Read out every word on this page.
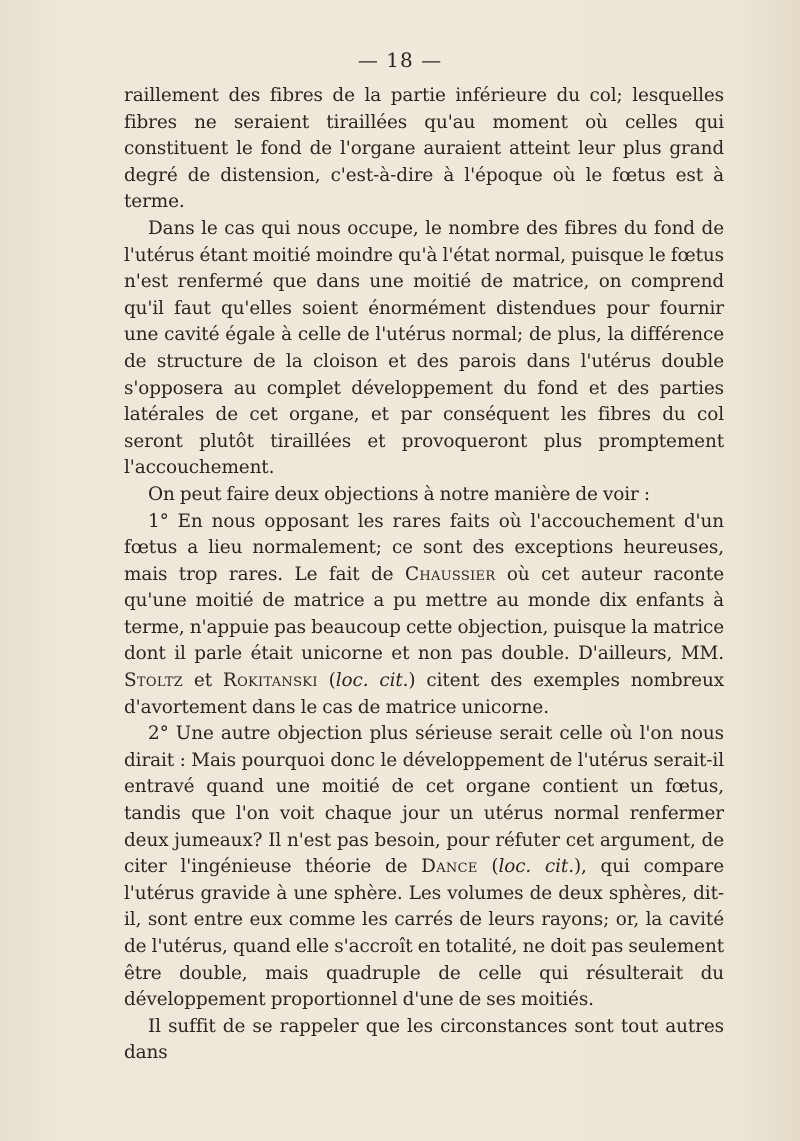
— 18 —

raillement des fibres de la partie inférieure du col; lesquelles fibres ne seraient tiraillées qu'au moment où celles qui constituent le fond de l'organe auraient atteint leur plus grand degré de distension, c'est-à-dire à l'époque où le fœtus est à terme.

Dans le cas qui nous occupe, le nombre des fibres du fond de l'utérus étant moitié moindre qu'à l'état normal, puisque le fœtus n'est renfermé que dans une moitié de matrice, on comprend qu'il faut qu'elles soient énormément distendues pour fournir une cavité égale à celle de l'utérus normal; de plus, la différence de structure de la cloison et des parois dans l'utérus double s'opposera au complet développement du fond et des parties latérales de cet organe, et par conséquent les fibres du col seront plutôt tiraillées et provoqueront plus promptement l'accouchement.

On peut faire deux objections à notre manière de voir :

1° En nous opposant les rares faits où l'accouchement d'un fœtus a lieu normalement; ce sont des exceptions heureuses, mais trop rares. Le fait de Chaussier où cet auteur raconte qu'une moitié de matrice a pu mettre au monde dix enfants à terme, n'appuie pas beaucoup cette objection, puisque la matrice dont il parle était unicorne et non pas double. D'ailleurs, MM. Stoltz et Rokitanski (loc. cit.) citent des exemples nombreux d'avortement dans le cas de matrice unicorne.

2° Une autre objection plus sérieuse serait celle où l'on nous dirait : Mais pourquoi donc le développement de l'utérus serait-il entravé quand une moitié de cet organe contient un fœtus, tandis que l'on voit chaque jour un utérus normal renfermer deux jumeaux? Il n'est pas besoin, pour réfuter cet argument, de citer l'ingénieuse théorie de Dance (loc. cit.), qui compare l'utérus gravide à une sphère. Les volumes de deux sphères, dit-il, sont entre eux comme les carrés de leurs rayons; or, la cavité de l'utérus, quand elle s'accroît en totalité, ne doit pas seulement être double, mais quadruple de celle qui résulterait du développement proportionnel d'une de ses moitiés.

Il suffit de se rappeler que les circonstances sont tout autres dans
